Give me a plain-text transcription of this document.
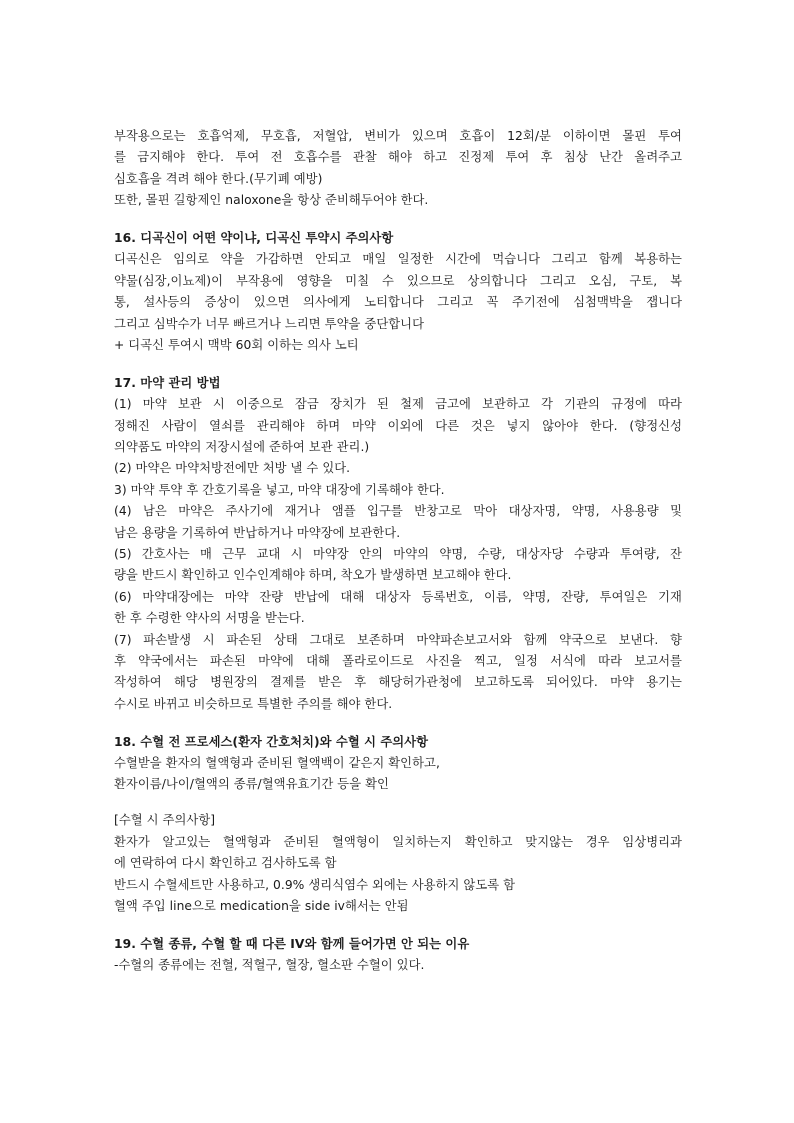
부작용으로는 호흡억제, 무호흡, 저혈압, 변비가 있으며 호흡이 12회/분 이하이면 몰핀 투여
를 금지해야 한다. 투여 전 호흡수를 관찰 해야 하고 진정제 투여 후 침상 난간 올려주고
심호흡을 격려 해야 한다.(무기폐 예방)
또한, 몰핀 길항제인 naloxone을 항상 준비해두어야 한다.
16. 디곡신이 어떤 약이냐, 디곡신 투약시 주의사항
디곡신은 임의로 약을 가감하면 안되고 매일 일정한 시간에 먹습니다 그리고 함께 복용하는
약물(심장,이뇨제)이 부작용에 영향을 미칠 수 있으므로 상의합니다 그리고 오심, 구토, 복
통, 설사등의 증상이 있으면 의사에게 노티합니다 그리고 꼭 주기전에 심첨맥박을 잽니다
그리고 심박수가 너무 빠르거나 느리면 투약을 중단합니다
+ 디곡신 투여시 맥박 60회 이하는 의사 노티
17. 마약 관리 방법
(1) 마약 보관 시 이중으로 잠금 장치가 된 철제 금고에 보관하고 각 기관의 규정에 따라
정해진 사람이 열쇠를 관리해야 하며 마약 이외에 다른 것은 넣지 않아야 한다. (향정신성
의약품도 마약의 저장시설에 준하여 보관 관리.)
(2) 마약은 마약처방전에만 처방 낼 수 있다.
3) 마약 투약 후 간호기록을 넣고, 마약 대장에 기록해야 한다.
(4) 남은 마약은 주사기에 재거나 앰플 입구를 반창고로 막아 대상자명, 약명, 사용용량 및
남은 용량을 기록하여 반납하거나 마약장에 보관한다.
(5) 간호사는 매 근무 교대 시 마약장 안의 마약의 약명, 수량, 대상자당 수량과 투여량, 잔
량을 반드시 확인하고 인수인계해야 하며, 착오가 발생하면 보고해야 한다.
(6) 마약대장에는 마약 잔량 반납에 대해 대상자 등록번호, 이름, 약명, 잔량, 투여일은 기재
한 후 수령한 약사의 서명을 받는다.
(7) 파손발생 시 파손된 상태 그대로 보존하며 마약파손보고서와 함께 약국으로 보낸다. 향
후 약국에서는 파손된 마약에 대해 폴라로이드로 사진을 찍고, 일정 서식에 따라 보고서를
작성하여 해당 병원장의 결제를 받은 후 해당허가관청에 보고하도록 되어있다. 마약 용기는
수시로 바뀌고 비슷하므로 특별한 주의를 해야 한다.
18. 수혈 전 프로세스(환자 간호처치)와 수혈 시 주의사항
수혈받을 환자의 혈액형과 준비된 혈액백이 같은지 확인하고,
환자이름/나이/혈액의 종류/혈액유효기간 등을 확인
[수혈 시 주의사항]
환자가 알고있는 혈액형과 준비된 혈액형이 일치하는지 확인하고 맞지않는 경우 임상병리과
에 연락하여 다시 확인하고 검사하도록 함
반드시 수혈세트만 사용하고, 0.9% 생리식염수 외에는 사용하지 않도록 함
혈액 주입 line으로 medication을 side iv해서는 안됨
19. 수혈 종류, 수혈 할 때 다른 IV와 함께 들어가면 안 되는 이유
-수혈의 종류에는 전혈, 적혈구, 혈장, 혈소판 수혈이 있다.
